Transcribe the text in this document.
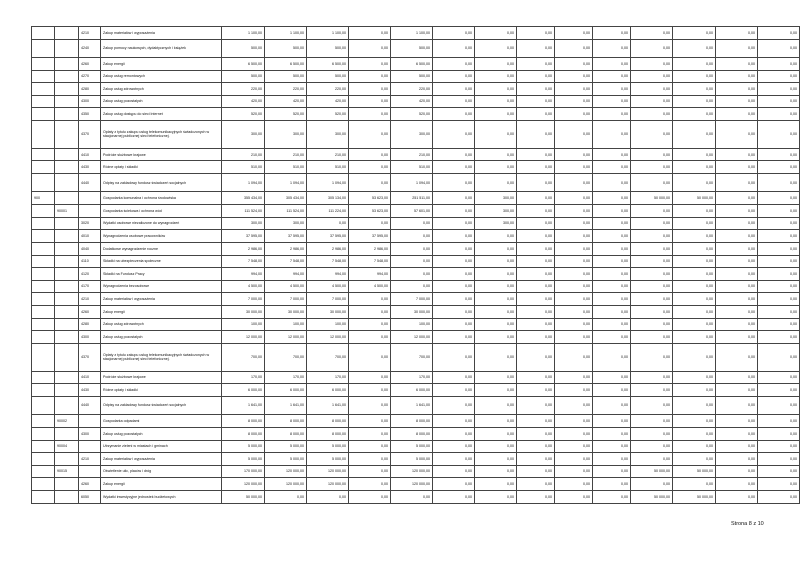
		4210	Zakup materiałów i wyposażenia	1 100,00	1 100,00	1 100,00	0,00	1 100,00	0,00	0,00	0,00	0,00	0,00	0,00	0,00	0,00	0,00
		4240	Zakup pomocy naukowych, dydaktycznych i książek	500,00	500,00	500,00	0,00	500,00	0,00	0,00	0,00	0,00	0,00	0,00	0,00	0,00	0,00
		4260	Zakup energii	6 500,00	6 500,00	6 500,00	0,00	6 500,00	0,00	0,00	0,00	0,00	0,00	0,00	0,00	0,00	0,00
		4270	Zakup usług remontowych	500,00	500,00	500,00	0,00	500,00	0,00	0,00	0,00	0,00	0,00	0,00	0,00	0,00	0,00
		4280	Zakup usług zdrowotnych	220,00	220,00	220,00	0,00	220,00	0,00	0,00	0,00	0,00	0,00	0,00	0,00	0,00	0,00
		4300	Zakup usług pozostałych	420,00	420,00	420,00	0,00	420,00	0,00	0,00	0,00	0,00	0,00	0,00	0,00	0,00	0,00
		4350	Zakup usług dostępu do sieci Internet	520,00	520,00	520,00	0,00	520,00	0,00	0,00	0,00	0,00	0,00	0,00	0,00	0,00	0,00
		4370	Opłaty z tytułu zakupu usług telekomunikacyjnych świadczonych w stacjonarnej publicznej sieci telefonicznej.	300,00	300,00	300,00	0,00	300,00	0,00	0,00	0,00	0,00	0,00	0,00	0,00	0,00	0,00
		4410	Podróże służbowe krajowe	210,00	210,00	210,00	0,00	210,00	0,00	0,00	0,00	0,00	0,00	0,00	0,00	0,00	0,00
		4430	Różne opłaty i składki	510,00	510,00	510,00	0,00	510,00	0,00	0,00	0,00	0,00	0,00	0,00	0,00	0,00	0,00
		4440	Odpisy na zakładowy fundusz świadczeń socjalnych	1 094,00	1 094,00	1 094,00	0,00	1 094,00	0,00	0,00	0,00	0,00	0,00	0,00	0,00	0,00	0,00
900			Gospodarka komunalna i ochrona środowiska	355 434,00	305 434,00	305 134,00	53 623,00	251 511,00	0,00	300,00	0,00	0,00	0,00	50 000,00	50 000,00	0,00	0,00
	90001		Gospodarka ściekowa i ochrona wód	111 524,00	111 524,00	111 224,00	53 623,00	57 601,00	0,00	300,00	0,00	0,00	0,00	0,00	0,00	0,00	0,00
		3020	Wydatki osobowe niezaliczone do wynagrodzeń	300,00	300,00	0,00	0,00	0,00	0,00	300,00	0,00	0,00	0,00	0,00	0,00	0,00	0,00
		4010	Wynagrodzenia osobowe pracowników	37 595,00	37 595,00	37 595,00	37 595,00	0,00	0,00	0,00	0,00	0,00	0,00	0,00	0,00	0,00	0,00
		4040	Dodatkowe wynagrodzenie roczne	2 986,00	2 986,00	2 986,00	2 986,00	0,00	0,00	0,00	0,00	0,00	0,00	0,00	0,00	0,00	0,00
		4110	Składki na ubezpieczenia społeczne	7 548,00	7 548,00	7 548,00	7 548,00	0,00	0,00	0,00	0,00	0,00	0,00	0,00	0,00	0,00	0,00
		4120	Składki na Fundusz Pracy	994,00	994,00	994,00	994,00	0,00	0,00	0,00	0,00	0,00	0,00	0,00	0,00	0,00	0,00
		4170	Wynagrodzenia bezosobowe	4 500,00	4 500,00	4 500,00	4 500,00	0,00	0,00	0,00	0,00	0,00	0,00	0,00	0,00	0,00	0,00
		4210	Zakup materiałów i wyposażenia	7 000,00	7 000,00	7 000,00	0,00	7 000,00	0,00	0,00	0,00	0,00	0,00	0,00	0,00	0,00	0,00
		4260	Zakup energii	30 000,00	30 000,00	30 000,00	0,00	30 000,00	0,00	0,00	0,00	0,00	0,00	0,00	0,00	0,00	0,00
		4280	Zakup usług zdrowotnych	100,00	100,00	100,00	0,00	100,00	0,00	0,00	0,00	0,00	0,00	0,00	0,00	0,00	0,00
		4300	Zakup usług pozostałych	12 000,00	12 000,00	12 000,00	0,00	12 000,00	0,00	0,00	0,00	0,00	0,00	0,00	0,00	0,00	0,00
		4370	Opłaty z tytułu zakupu usług telekomunikacyjnych świadczonych w stacjonarnej publicznej sieci telefonicznej.	700,00	700,00	700,00	0,00	700,00	0,00	0,00	0,00	0,00	0,00	0,00	0,00	0,00	0,00
		4410	Podróże służbowe krajowe	170,00	170,00	170,00	0,00	170,00	0,00	0,00	0,00	0,00	0,00	0,00	0,00	0,00	0,00
		4430	Różne opłaty i składki	6 000,00	6 000,00	6 000,00	0,00	6 000,00	0,00	0,00	0,00	0,00	0,00	0,00	0,00	0,00	0,00
		4440	Odpisy na zakładowy fundusz świadczeń socjalnych	1 641,00	1 641,00	1 641,00	0,00	1 641,00	0,00	0,00	0,00	0,00	0,00	0,00	0,00	0,00	0,00
	90002		Gospodarka odpadami	8 000,00	8 000,00	8 000,00	0,00	8 000,00	0,00	0,00	0,00	0,00	0,00	0,00	0,00	0,00	0,00
		4300	Zakup usług pozostałych	8 000,00	8 000,00	8 000,00	0,00	8 000,00	0,00	0,00	0,00	0,00	0,00	0,00	0,00	0,00	0,00
	90004		Utrzymanie zieleni w miastach i gminach	5 000,00	5 000,00	5 000,00	0,00	5 000,00	0,00	0,00	0,00	0,00	0,00	0,00	0,00	0,00	0,00
		4210	Zakup materiałów i wyposażenia	5 000,00	5 000,00	5 000,00	0,00	5 000,00	0,00	0,00	0,00	0,00	0,00	0,00	0,00	0,00	0,00
	90015		Oświetlenie ulic, placów i dróg	170 000,00	120 000,00	120 000,00	0,00	120 000,00	0,00	0,00	0,00	0,00	0,00	50 000,00	50 000,00	0,00	0,00
		4260	Zakup energii	120 000,00	120 000,00	120 000,00	0,00	120 000,00	0,00	0,00	0,00	0,00	0,00	0,00	0,00	0,00	0,00
		6050	Wydatki inwestycyjne jednostek budżetowych	50 000,00	0,00	0,00	0,00	0,00	0,00	0,00	0,00	0,00	0,00	50 000,00	50 000,00	0,00	0,00
Strona 8 z 10
